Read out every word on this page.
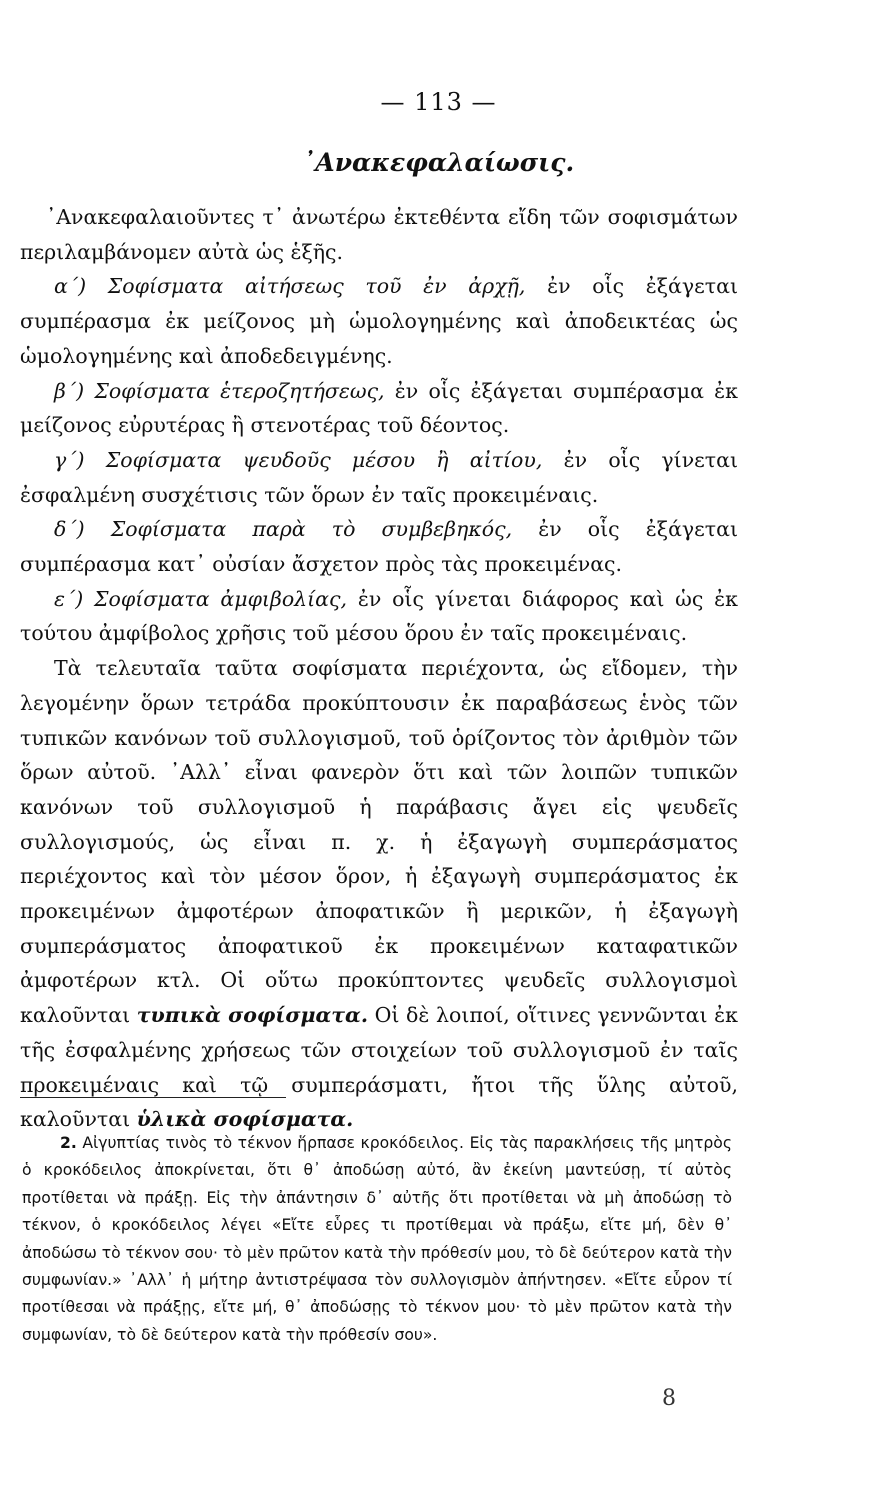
— 113 —
᾿Ανακεφαλαίωσις.

᾿Ανακεφαλαιοῦντες τ᾿ ἀνωτέρω ἐκτεθέντα εἴδη τῶν σοφισμάτων περιλαμβάνομεν αὐτὰ ὡς ἑξῆς.

α´) Σοφίσματα αἰτήσεως τοῦ ἐν ἀρχῇ, ἐν οἷς ἐξάγεται συμπέρασμα ἐκ μείζονος μὴ ὡμολογημένης καὶ ἀποδεικτέας ὡς ὡμολογημένης καὶ ἀποδεδειγμένης.

β´) Σοφίσματα ἑτεροζητήσεως, ἐν οἷς ἐξάγεται συμπέρασμα ἐκ μείζονος εὐρυτέρας ἢ στενοτέρας τοῦ δέοντος.

γ´) Σοφίσματα ψευδοῦς μέσου ἢ αἰτίου, ἐν οἷς γίνεται ἐσφαλμένη συσχέτισις τῶν ὅρων ἐν ταῖς προκειμέναις.

δ´) Σοφίσματα παρὰ τὸ συμβεβηκός, ἐν οἷς ἐξάγεται συμπέρασμα κατ᾿ οὐσίαν ἄσχετον πρὸς τὰς προκειμένας.

ε´) Σοφίσματα ἀμφιβολίας, ἐν οἷς γίνεται διάφορος καὶ ὡς ἐκ τούτου ἀμφίβολος χρῆσις τοῦ μέσου ὅρου ἐν ταῖς προκειμέναις.

Τὰ τελευταῖα ταῦτα σοφίσματα περιέχοντα, ὡς εἴδομεν, τὴν λεγομένην ὅρων τετράδα προκύπτουσιν ἐκ παραβάσεως ἑνὸς τῶν τυπικῶν κανόνων τοῦ συλλογισμοῦ, τοῦ ὁρίζοντος τὸν ἀριθμὸν τῶν ὅρων αὐτοῦ. ᾿Αλλ᾿ εἶναι φανερὸν ὅτι καὶ τῶν λοιπῶν τυπικῶν κανόνων τοῦ συλλογισμοῦ ἡ παράβασις ἄγει εἰς ψευδεῖς συλλογισμούς, ὡς εἶναι π. χ. ἡ ἐξαγωγὴ συμπεράσματος περιέχοντος καὶ τὸν μέσον ὅρον, ἡ ἐξαγωγὴ συμπεράσματος ἐκ προκειμένων ἀμφοτέρων ἀποφατικῶν ἢ μερικῶν, ἡ ἐξαγωγὴ συμπεράσματος ἀποφατικοῦ ἐκ προκειμένων καταφατικῶν ἀμφοτέρων κτλ. Οἱ οὕτω προκύπτοντες ψευδεῖς συλλογισμοὶ καλοῦνται τυπικὰ σοφίσματα. Οἱ δὲ λοιποί, οἵτινες γεννῶνται ἐκ τῆς ἐσφαλμένης χρήσεως τῶν στοιχείων τοῦ συλλογισμοῦ ἐν ταῖς προκειμέναις καὶ τῷ συμπεράσματι, ἤτοι τῆς ὕλης αὐτοῦ, καλοῦνται ὑλικὰ σοφίσματα.

2. Αἰγυπτίας τινὸς τὸ τέκνον ἥρπασε κροκόδειλος. Εἰς τὰς παρακλήσεις τῆς μητρὸς ὁ κροκόδειλος ἀποκρίνεται, ὅτι θ᾿ ἀποδώσῃ αὐτό, ἂν ἐκείνη μαντεύσῃ, τί αὐτὸς προτίθεται νὰ πράξῃ. Εἰς τὴν ἀπάντησιν δ᾿ αὐτῆς ὅτι προτίθεται νὰ μὴ ἀποδώσῃ τὸ τέκνον, ὁ κροκόδειλος λέγει «Εἴτε εὗρες τι προτίθεμαι νὰ πράξω, εἴτε μή, δὲν θ᾿ ἀποδώσω τὸ τέκνον σου· τὸ μὲν πρῶτον κατὰ τὴν πρόθεσίν μου, τὸ δὲ δεύτερον κατὰ τὴν συμφωνίαν.» ᾿Αλλ᾿ ἡ μήτηρ ἀντιστρέψασα τὸν συλλογισμὸν ἀπήντησεν. «Εἴτε εὗρον τί προτίθεσαι νὰ πράξῃς, εἴτε μή, θ᾿ ἀποδώσῃς τὸ τέκνον μου· τὸ μὲν πρῶτον κατὰ τὴν συμφωνίαν, τὸ δὲ δεύτερον κατὰ τὴν πρόθεσίν σου».
8
